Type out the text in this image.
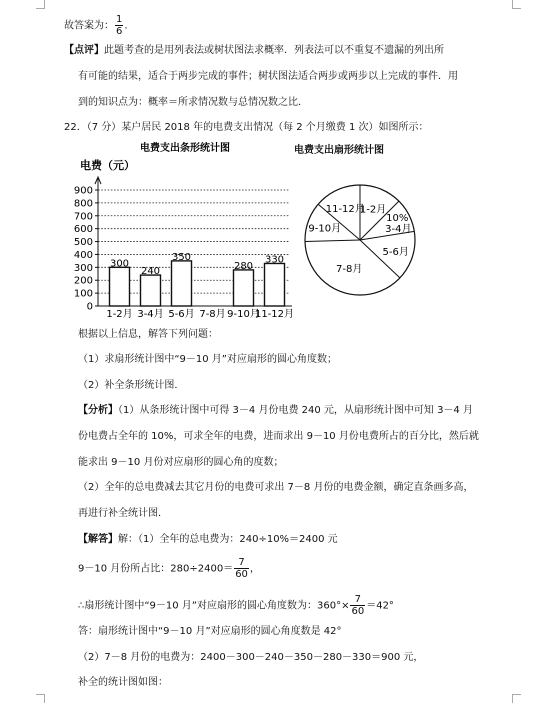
故答案为： $\frac{1}{6}$ .
【点评】此题考查的是用列表法或树状图法求概率．列表法可以不重复不遗漏的列出所
有可能的结果，适合于两步完成的事件；树状图法适合两步或两步以上完成的事件．用
到的知识点为：概率＝所求情况数与总情况数之比．
22．（7 分）某户居民 2018 年的电费支出情况（每 2 个月缴费 1 次）如图所示：
电费支出条形统计图
电费（元）
0
100
200
300
400
500
600
700
800
900
300
1-2月
240
3-4月
350
5-6月 7-8月
280
9-10月
330
11-12月
电费支出扇形统计图
1-2月
10%
3-4月
5-6月
7-8月
9-10月
11-12月
根据以上信息，解答下列问题：
（1）求扇形统计图中“9－10 月”对应扇形的圆心角度数；
（2）补全条形统计图．
【分析】（1）从条形统计图中可得 3－4 月份电费 240 元，从扇形统计图中可知 3－4 月
份电费占全年的 10%，可求全年的电费，进而求出 9－10 月份电费所占的百分比，然后就
能求出 9－10 月份对应扇形的圆心角的度数；
（2）全年的总电费减去其它月份的电费可求出 7－8 月份的电费金额，确定直条画多高，
再进行补全统计图．
【解答】解：（1）全年的总电费为：240÷10%＝2400 元
9－10 月份所占比：$280\div 2400= \frac{7}{60}$ ，
∴扇形统计图中“9－10 月”对应扇形的圆心角度数为：$360^\circ\times \frac{7}{60} =42^\circ$
答：扇形统计图中“9－10 月”对应扇形的圆心角度数是 42°
（2）7－8 月份的电费为：2400－300－240－350－280－330＝900 元，
补全的统计图如图：
